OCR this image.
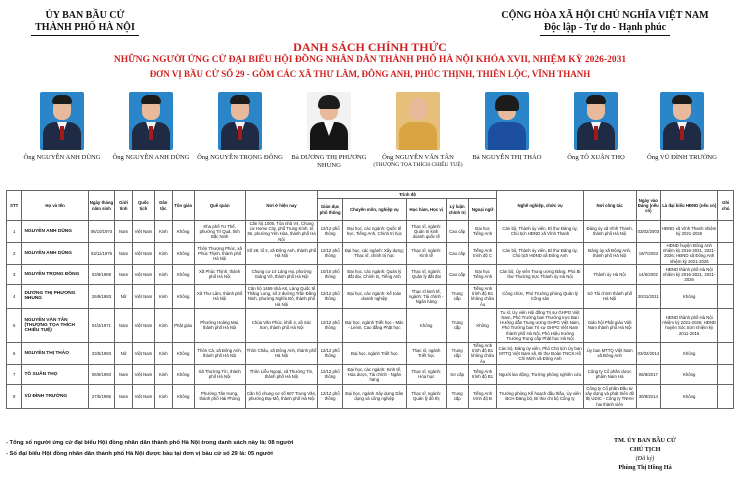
ỦY BAN BẦU CỬ
THÀNH PHỐ HÀ NỘI
CỘNG HÒA XÃ HỘI CHỦ NGHĨA VIỆT NAM
Độc lập - Tự do - Hạnh phúc
DANH SÁCH CHÍNH THỨC
NHỮNG NGƯỜI ỨNG CỬ ĐẠI BIỂU HỘI ĐỒNG NHÂN DÂN THÀNH PHỐ HÀ NỘI KHÓA XVII, NHIỆM KỲ 2026-2031
ĐƠN VỊ BẦU CỬ SỐ 29 - GỒM CÁC XÃ THƯ LÂM, ĐÔNG ANH, PHÚC THỊNH, THIÊN LỘC, VĨNH THANH
Ông NGUYỄN ANH DŨNG	Ông NGUYỄN ANH DŨNG	Ông NGUYỄN TRỌNG ĐÔNG	Bà DƯƠNG THỊ PHƯƠNG NHUNG
Ông NGUYỄN VĂN TÂN
(THƯỢNG TỌA THÍCH CHIẾU TUỆ)
Bà NGUYỄN THỊ THẢO	Ông TÔ XUÂN THỌ	Ông VŨ ĐÌNH TRƯỜNG
STT	Họ và tên	Ngày tháng năm sinh	Giới tính	Quốc tịch	Dân tộc	Tôn giáo	Quê quán	Nơi ở hiện nay	Trình độ					Nghề nghiệp, chức vụ	Nơi công tác	Ngày vào Đảng (nếu có)	Là đại biểu HĐND (nếu có)	Ghi chú
									Giáo dục phổ thông	Chuyên môn, nghiệp vụ	Học hàm, Học vị	Lý luận chính trị	Ngoại ngữ					
1	NGUYỄN ANH DŨNG	06/10/1974	Nam	Việt Nam	Kinh	Không	Khu phố Tư Thế, phường Trí Quả, tỉnh Bắc Ninh	Căn hộ 1006, Tòa nhà V4, Chung cư Home City, phố Trung Kính, tổ 36, phường Yên Hòa, thành phố Hà Nội	12/12 phổ thông	Đại học, các ngành: Quốc tế học, Tiếng Anh, Chính trị học	Thạc sĩ, ngành: Quản trị kinh doanh quốc tế	Cao cấp	Đại học Tiếng Anh	Cán bộ, Thành ủy viên, Bí thư Đảng ủy, Chủ tịch HĐND xã Vĩnh Thanh	Đảng ủy xã Vĩnh Thanh, thành phố Hà Nội	03/02/2003	HĐND xã Vĩnh Thanh nhiệm kỳ 2021-2026	
2	NGUYỄN ANH DŨNG	03/11/1976	Nam	Việt Nam	Kinh	Không	Thôn Thượng Phúc, xã Phúc Thịnh, thành phố Hà Nội	Số 29, tổ 2, xã Đông Anh, thành phố Hà Nội	12/12 phổ thông	Đại học, các ngành: Xây dựng; Thạc sĩ, chính trị học	Thạc sĩ, ngành: Kinh tế	Cao cấp	Tiếng Anh trình độ C	Cán bộ, Thành ủy viên, Bí thư Đảng ủy, Chủ tịch HĐND xã Đông Anh	Đảng ủy xã Đông Anh, thành phố Hà Nội	19/7/2003	HĐND huyện Đông Anh nhiệm kỳ 2016-2021, 2021-2026; HĐND xã Đông Anh nhiệm kỳ 2021-2026	
3	NGUYỄN TRỌNG ĐÔNG	03/9/1969	Nam	Việt Nam	Kinh	Không	Xã Phúc Thịnh, thành phố Hà Nội	Chung cư 14 Láng Hạ, phường Giảng Võ, thành phố Hà Nội	10/10 phổ thông	Đại học, các ngành: Quản lý đất đai, Chính trị, Tiếng Anh	Thạc sĩ, ngành: Quản lý đất đai	Cao cấp	Đại học Tiếng Anh	Cán bộ, Ủy viên Trung ương Đảng, Phó Bí thư Thường trực Thành ủy Hà Nội	Thành ủy Hà Nội	14/6/2002	HĐND thành phố Hà Nội nhiệm kỳ 2016-2021, 2021-2026	
4	DƯƠNG THỊ PHƯƠNG NHUNG	26/9/1983	Nữ	Việt Nam	Kinh	Không	Xã Thư Lâm, thành phố Hà Nội	Căn hộ 1469 nhà A5, Làng Quốc tế Thăng Long, số 2 đường Trần Đăng Ninh, phường Nghĩa Đô, thành phố Hà Nội	12/12 phổ thông	Đại học, các ngành: Kế toán doanh nghiệp	Thạc sĩ kinh tế, ngành: Tài chính - Ngân hàng	Trung cấp	Tiếng Anh trình độ B1 không chữa Âu	Công chức, Phó Trưởng phòng Quản lý Công sản	Sở Tài chính thành phố Hà Nội	20/11/2011	Không	
5	NGUYỄN VĂN TÂN (THƯỢNG TỌA THÍCH CHIẾU TUỆ)	04/2/1971	Nam	Việt Nam	Kinh	Phật giáo	Phường Hoàng Mai, thành phố Hà Nội	Chùa Văn Phúc, khối 4, xã Sóc Sơn, thành phố Hà Nội	12/12 phổ thông	Đại học, ngành Triết học - Mác - Lenin; Cao đẳng Phật học	Không	Trung cấp	Không	Tu sĩ, Ủy viên Hội đồng Trị sự GHPG Việt Nam, Phó Trưởng ban Thường trực Ban Hướng dẫn Trung ương GHPG Việt Nam, Phó Trưởng ban Trị sự GHPG Việt Nam thành phố Hà Nội, Phó Hiệu trưởng Trường Trung cấp Phật học Hà Nội	Giáo hội Phật giáo Việt Nam thành phố Hà Nội		HĐND thành phố Hà Nội nhiệm kỳ 2021-2026; HĐND huyện Sóc Sơn nhiệm kỳ 2011-2016	
6	NGUYỄN THỊ THẢO	23/5/1993	Nữ	Việt Nam	Kinh	Không	Thôn Cả, xã Đông Anh, thành phố Hà Nội	Thôn Châu, xã Đông Anh, thành phố Hà Nội	12/12 phổ thông	Đại học, ngành Triết học	Thạc sĩ, ngành Triết học	Trung cấp	Tiếng Anh trình độ B1 không chữa Âu	Cán bộ, Đảng ủy viên, Phó Chủ tịch Ủy ban MTTQ Việt Nam xã, Bí thư Đoàn TNCS Hồ Chí Minh xã Đông Anh	Ủy ban MTTQ Việt Nam xã Đông Anh	03/02/2014	Không	
7	TÔ XUÂN THỌ	06/9/1993	Nam	Việt Nam	Kinh	Không	Xã Thường Tín, thành phố Hà Nội	Thôn Liễu Ngoại, xã Thường Tín, thành phố Hà Nội	12/12 phổ thông	Đại học, các ngành: Kinh tế, Hóa dược, Tài chính - Ngân hàng	Thạc sĩ, ngành: Hóa học	Sơ cấp	Tiếng Anh trình độ B1	Người lao động, Trưởng phòng nghiên cứu	Công ty Cổ phần dược phẩm Nam Hà	06/8/2017	Không	
8	VŨ ĐÌNH TRƯỜNG	27/5/1986	Nam	Việt Nam	Kinh	Không	Phường Tân Hưng, thành phố Hải Phòng	Căn hộ chung cư số 607 Trung Văn, phường Đại Mỗ, thành phố Hà Nội	12/12 phổ thông	Đại học, ngành Xây dựng Dân dụng và công nghiệp	Thạc sĩ, ngành: Quản lý đô thị	Trung cấp	Tiếng Anh trình độ B	Trưởng phòng Kế hoạch dầu thầu, Ủy viên BCH Đảng bộ, Bí thư chi bộ Công ty	Công ty Cổ phần Đầu tư xây dựng và phát triển đô thị UDIC - Công ty TNHH hai thành viên	30/8/2014	Không	
- Tổng số người ứng cử đại biểu Hội đồng nhân dân thành phố Hà Nội trong danh sách này là: 08 người
- Số đại biểu Hội đồng nhân dân thành phố Hà Nội được bầu tại đơn vị bầu cử số 29 là: 05 người
TM. ỦY BAN BẦU CỬ
CHỦ TỊCH
(Đã ký)
Phùng Thị Hồng Hà
